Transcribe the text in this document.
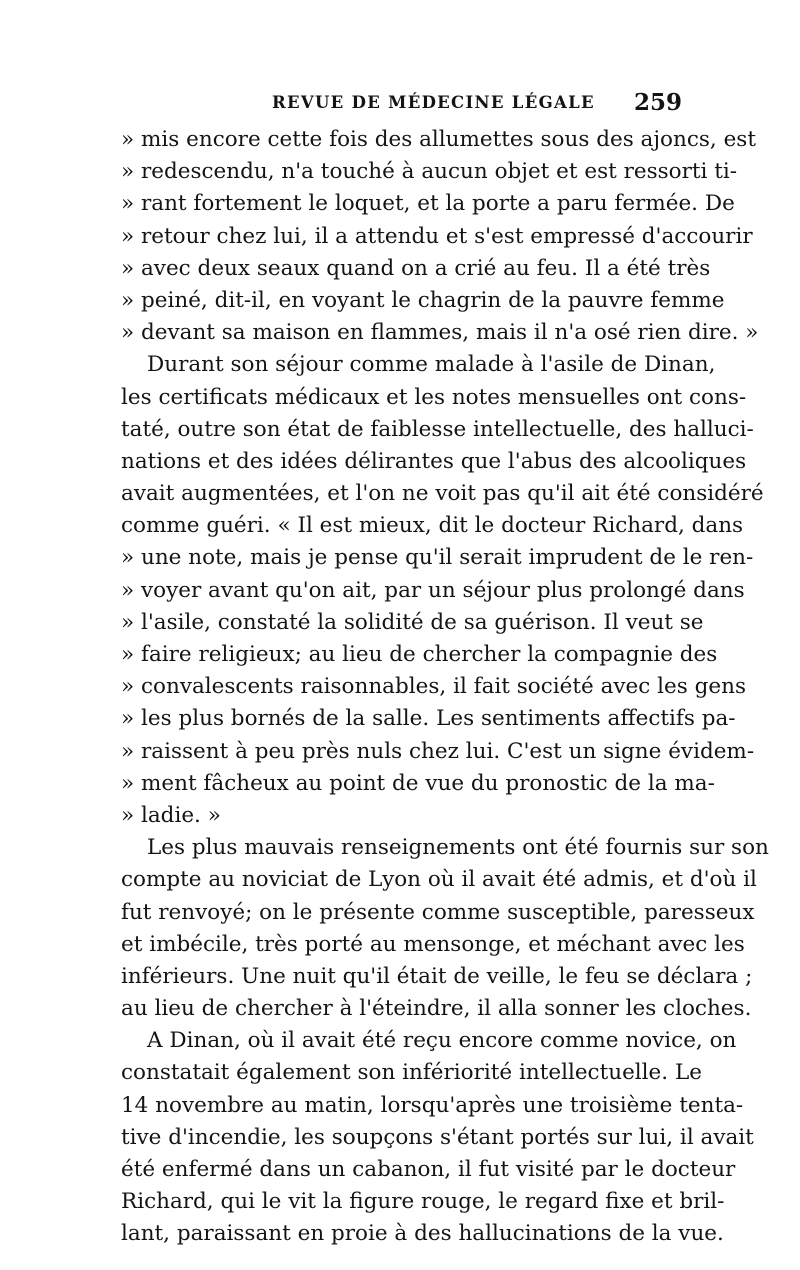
REVUE DE MÉDECINE LÉGALE 259
» mis encore cette fois des allumettes sous des ajoncs, est
» redescendu, n'a touché à aucun objet et est ressorti ti-
» rant fortement le loquet, et la porte a paru fermée. De
» retour chez lui, il a attendu et s'est empressé d'accourir
» avec deux seaux quand on a crié au feu. Il a été très
» peiné, dit-il, en voyant le chagrin de la pauvre femme
» devant sa maison en flammes, mais il n'a osé rien dire. »
Durant son séjour comme malade à l'asile de Dinan,
les certificats médicaux et les notes mensuelles ont cons-
taté, outre son état de faiblesse intellectuelle, des halluci-
nations et des idées délirantes que l'abus des alcooliques
avait augmentées, et l'on ne voit pas qu'il ait été considéré
comme guéri. « Il est mieux, dit le docteur Richard, dans
» une note, mais je pense qu'il serait imprudent de le ren-
» voyer avant qu'on ait, par un séjour plus prolongé dans
» l'asile, constaté la solidité de sa guérison. Il veut se
» faire religieux; au lieu de chercher la compagnie des
» convalescents raisonnables, il fait société avec les gens
» les plus bornés de la salle. Les sentiments affectifs pa-
» raissent à peu près nuls chez lui. C'est un signe évidem-
» ment fâcheux au point de vue du pronostic de la ma-
» ladie. »
Les plus mauvais renseignements ont été fournis sur son
compte au noviciat de Lyon où il avait été admis, et d'où il
fut renvoyé; on le présente comme susceptible, paresseux
et imbécile, très porté au mensonge, et méchant avec les
inférieurs. Une nuit qu'il était de veille, le feu se déclara ;
au lieu de chercher à l'éteindre, il alla sonner les cloches.
A Dinan, où il avait été reçu encore comme novice, on
constatait également son infériorité intellectuelle. Le
14 novembre au matin, lorsqu'après une troisième tenta-
tive d'incendie, les soupçons s'étant portés sur lui, il avait
été enfermé dans un cabanon, il fut visité par le docteur
Richard, qui le vit la figure rouge, le regard fixe et bril-
lant, paraissant en proie à des hallucinations de la vue.
